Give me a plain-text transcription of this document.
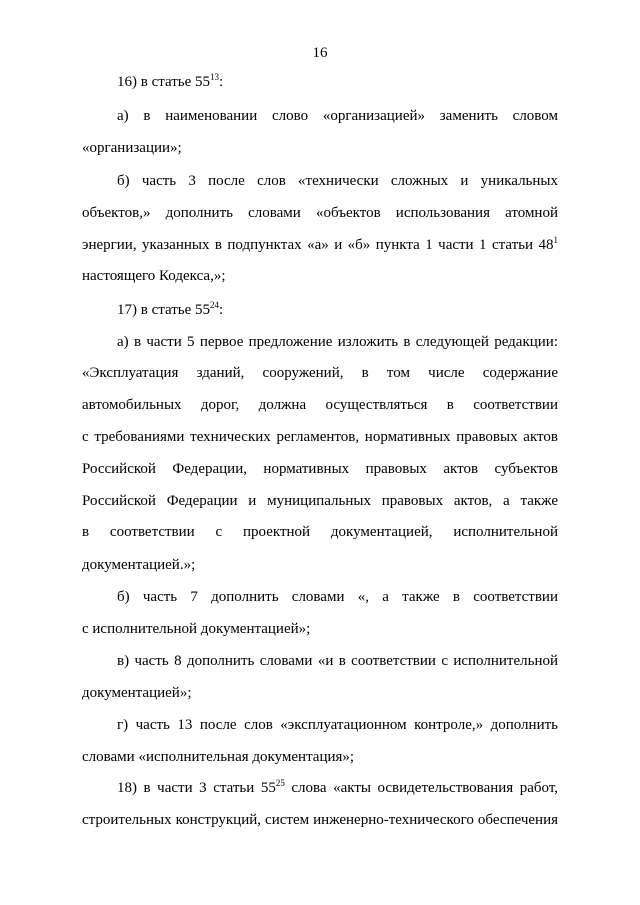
16
16) в статье $55^{13}$:
а) в наименовании слово «организацией» заменить словом
«организации»;
б) часть 3 после слов «технически сложных и уникальных
объектов,» дополнить словами «объектов использования атомной
энергии, указанных в подпунктах «а» и «б» пункта 1 части 1 статьи $48^1$
настоящего Кодекса,»;
17) в статье $55^{24}$:
а) в части 5 первое предложение изложить в следующей редакции:
«Эксплуатация зданий, сооружений, в том числе содержание
автомобильных дорог, должна осуществляться в соответствии
с требованиями технических регламентов, нормативных правовых актов
Российской Федерации, нормативных правовых актов субъектов
Российской Федерации и муниципальных правовых актов, а также
в соответствии с проектной документацией, исполнительной
документацией.»;
б) часть 7 дополнить словами «, а также в соответствии
с исполнительной документацией»;
в) часть 8 дополнить словами «и в соответствии с исполнительной
документацией»;
г) часть 13 после слов «эксплуатационном контроле,» дополнить
словами «исполнительная документация»;
18) в части 3 статьи $55^{25}$ слова «акты освидетельствования работ,
строительных конструкций, систем инженерно-технического обеспечения
